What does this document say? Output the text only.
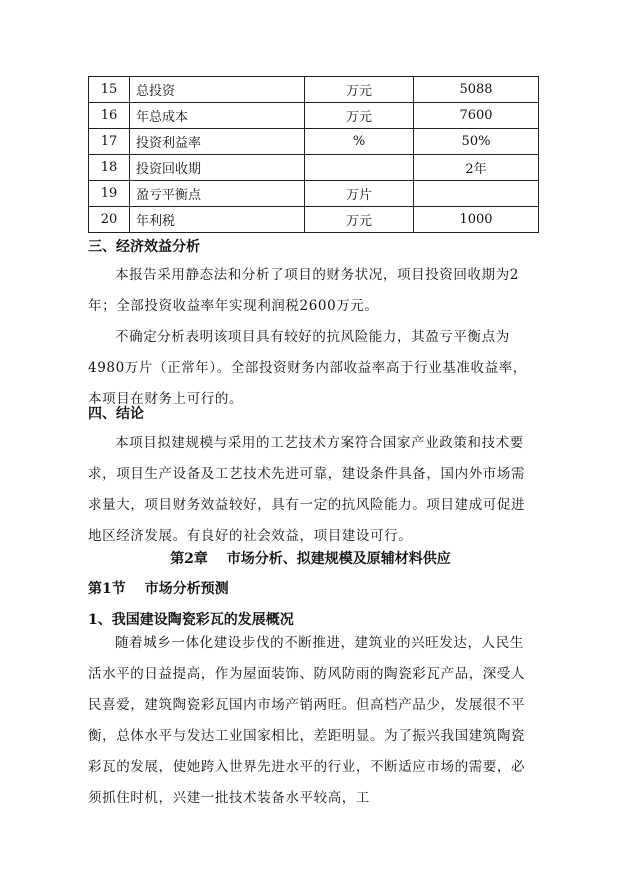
15	总投资	万元	5088
16	年总成本	万元	7600
17	投资利益率	%	50%
18	投资回收期		2年
19	盈亏平衡点	万片	
20	年利税	万元	1000
三、经济效益分析
本报告采用静态法和分析了项目的财务状况，项目投资回收期为2年；全部投资收益率年实现利润税2600万元。
不确定分析表明该项目具有较好的抗风险能力，其盈亏平衡点为4980万片（正常年）。全部投资财务内部收益率高于行业基准收益率，本项目在财务上可行的。
四、结论
本项目拟建规模与采用的工艺技术方案符合国家产业政策和技术要求，项目生产设备及工艺技术先进可靠，建设条件具备，国内外市场需求量大，项目财务效益较好，具有一定的抗风险能力。项目建成可促进地区经济发展。有良好的社会效益，项目建设可行。
第2章　 市场分析、拟建规模及原辅材料供应
第1节　 市场分析预测
1、我国建设陶瓷彩瓦的发展概况
随着城乡一体化建设步伐的不断推进，建筑业的兴旺发达，人民生活水平的日益提高，作为屋面装饰、防风防雨的陶瓷彩瓦产品，深受人民喜爱，建筑陶瓷彩瓦国内市场产销两旺。但高档产品少，发展很不平衡，总体水平与发达工业国家相比，差距明显。为了振兴我国建筑陶瓷彩瓦的发展，使她跨入世界先进水平的行业，不断适应市场的需要，必须抓住时机，兴建一批技术装备水平较高，工
